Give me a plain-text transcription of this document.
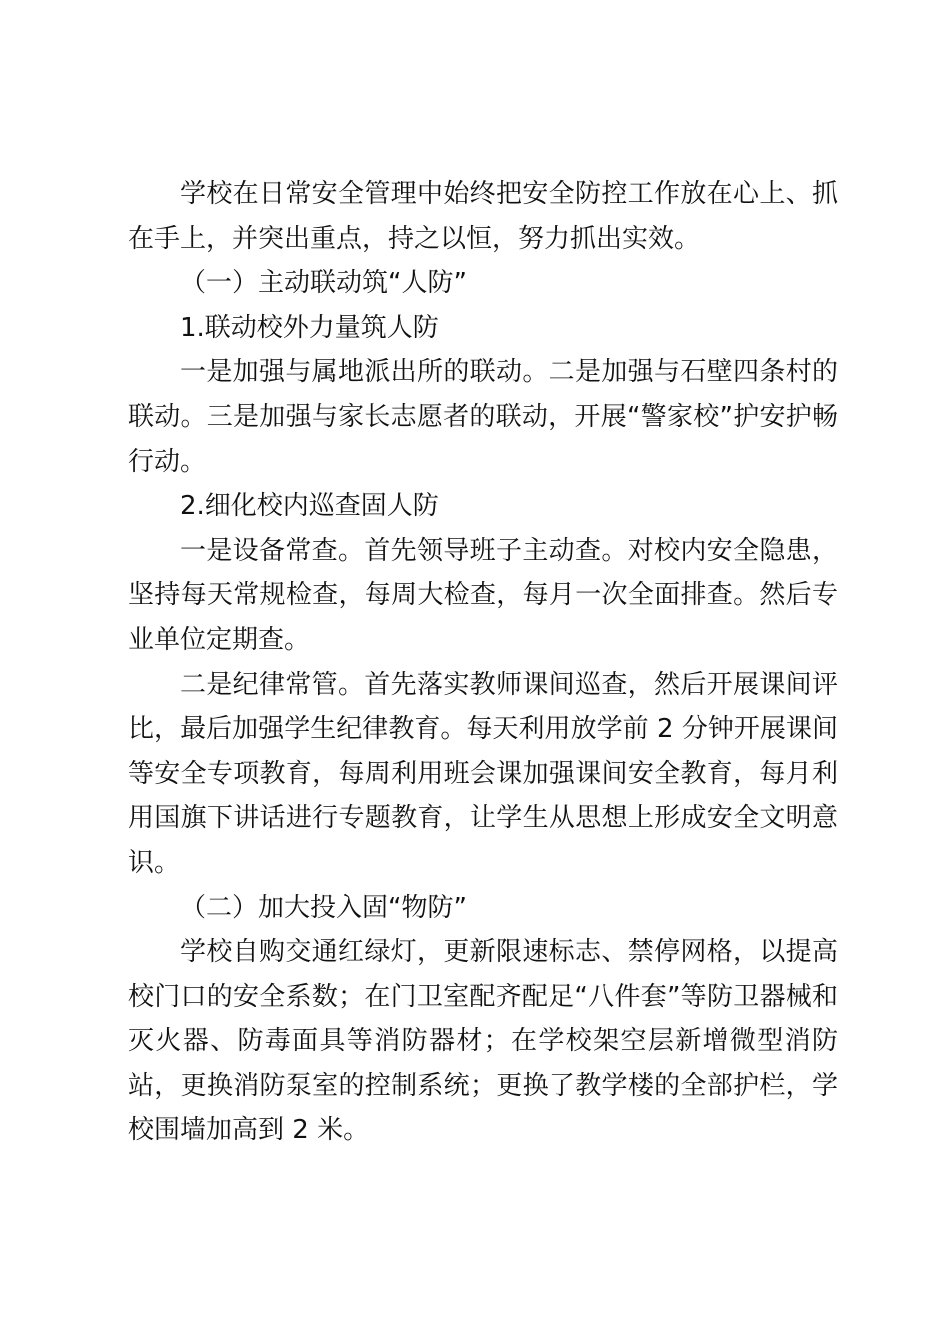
学校在日常安全管理中始终把安全防控工作放在心上、抓在手上，并突出重点，持之以恒，努力抓出实效。

（一）主动联动筑“人防”

1.联动校外力量筑人防

一是加强与属地派出所的联动。二是加强与石壁四条村的联动。三是加强与家长志愿者的联动，开展“警家校”护安护畅行动。

2.细化校内巡查固人防

一是设备常查。首先领导班子主动查。对校内安全隐患，坚持每天常规检查，每周大检查，每月一次全面排查。然后专业单位定期查。

二是纪律常管。首先落实教师课间巡查，然后开展课间评比，最后加强学生纪律教育。每天利用放学前 2 分钟开展课间等安全专项教育，每周利用班会课加强课间安全教育，每月利用国旗下讲话进行专题教育，让学生从思想上形成安全文明意识。

（二）加大投入固“物防”

学校自购交通红绿灯，更新限速标志、禁停网格，以提高校门口的安全系数；在门卫室配齐配足“八件套”等防卫器械和灭火器、防毒面具等消防器材；在学校架空层新增微型消防站，更换消防泵室的控制系统；更换了教学楼的全部护栏，学校围墙加高到 2 米。
